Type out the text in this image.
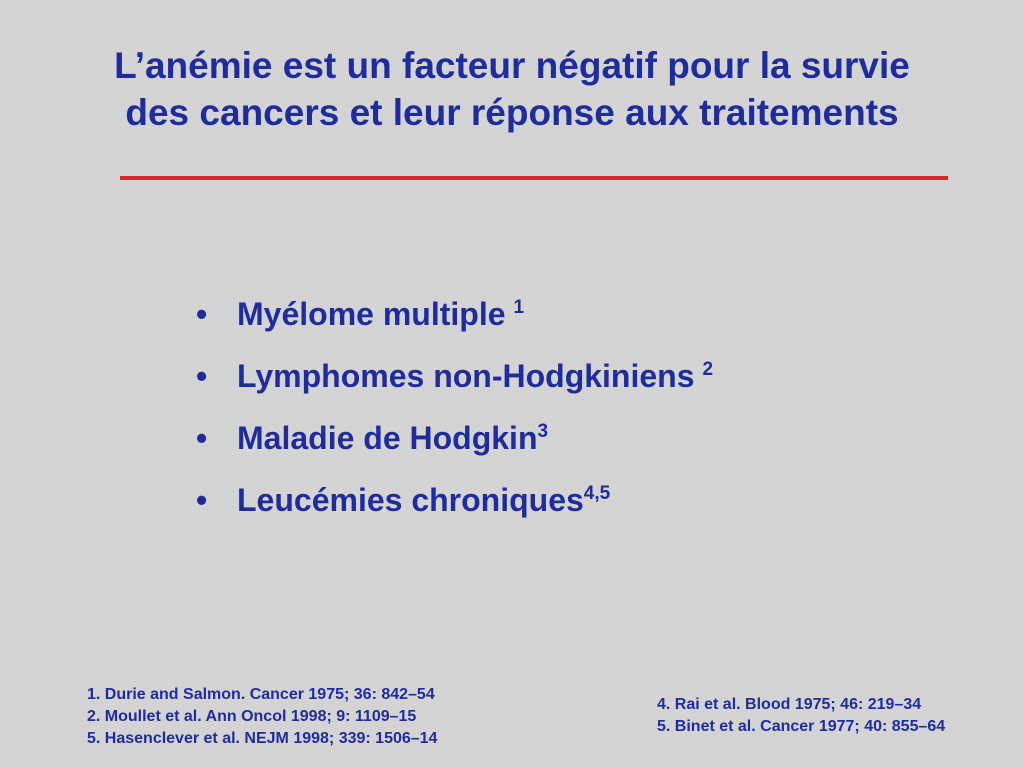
L’anémie est un facteur négatif pour la survie
des cancers et leur réponse aux traitements
• Myélome multiple $^1$
• Lymphomes non-Hodgkiniens $^2$
• Maladie de Hodgkin$^3$
• Leucémies chroniques$^{4,5}$
1. Durie and Salmon. Cancer 1975; 36: 842–54
2. Moullet et al. Ann Oncol 1998; 9: 1109–15
5. Hasenclever et al. NEJM 1998; 339: 1506–14
4. Rai et al. Blood 1975; 46: 219–34
5. Binet et al. Cancer 1977; 40: 855–64
